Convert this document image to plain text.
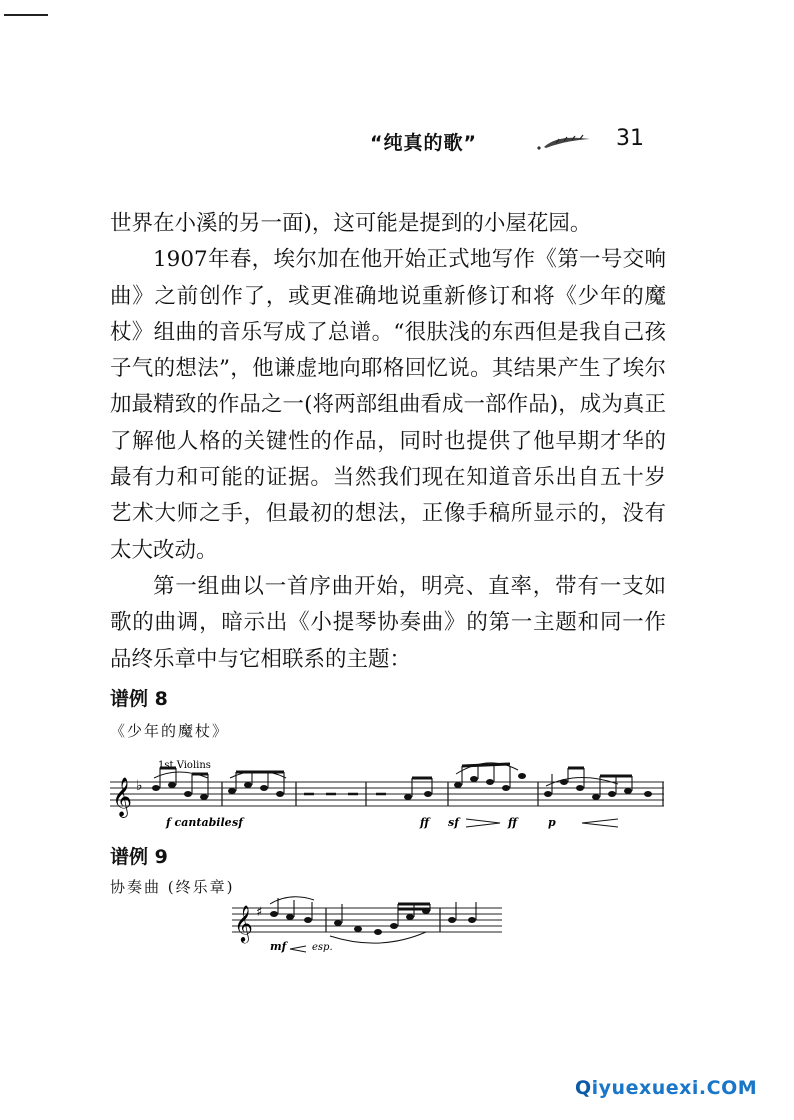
“纯真的歌”	31

世界在小溪的另一面)，这可能是提到的小屋花园。

1907年春，埃尔加在他开始正式地写作《第一号交响曲》之前创作了，或更准确地说重新修订和将《少年的魔杖》组曲的音乐写成了总谱。“很肤浅的东西但是我自己孩子气的想法”，他谦虚地向耶格回忆说。其结果产生了埃尔加最精致的作品之一(将两部组曲看成一部作品)，成为真正了解他人格的关键性的作品，同时也提供了他早期才华的最有力和可能的证据。当然我们现在知道音乐出自五十岁艺术大师之手，但最初的想法，正像手稿所显示的，没有太大改动。

第一组曲以一首序曲开始，明亮、直率，带有一支如歌的曲调，暗示出《小提琴协奏曲》的第一主题和同一作品终乐章中与它相联系的主题：

谱例 8
《少年的魔杖》
1st Violins
𝄞 ♭
f cantabile sf	ff sf	ff	p
谱例 9
协奏曲 (终乐章)
𝄞 ♯
mf	esp.
Qiyuexuexi.COM
